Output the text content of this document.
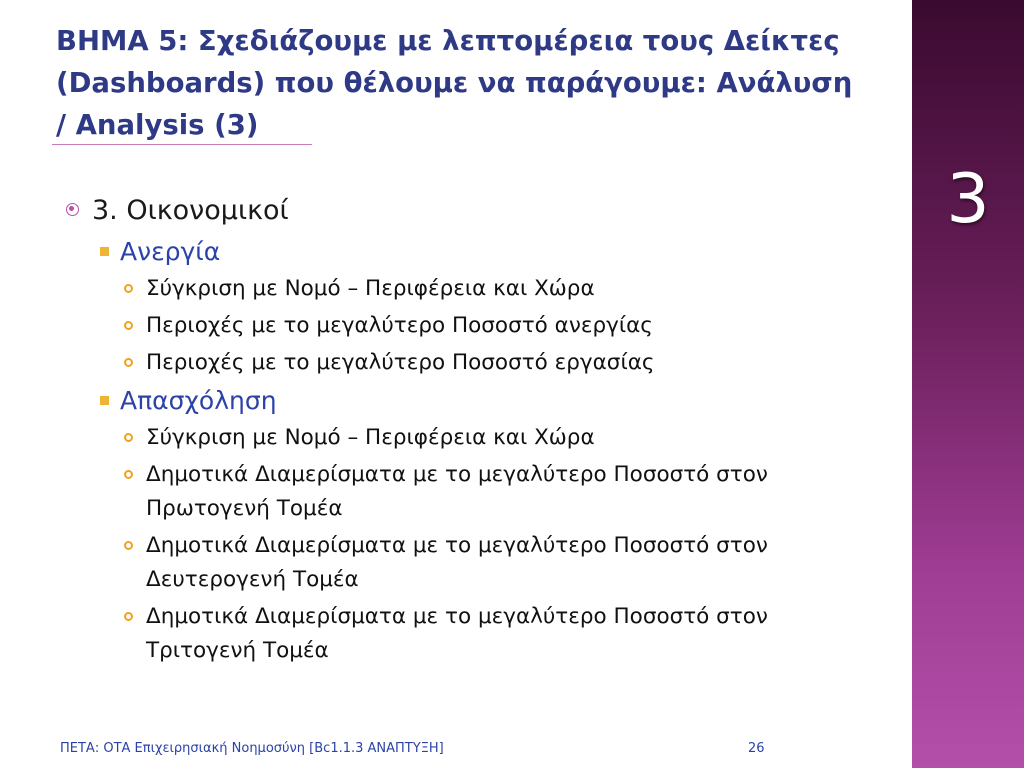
ΒΗΜΑ 5: Σχεδιάζουμε με λεπτομέρεια τους Δείκτες
(Dashboards) που θέλουμε να παράγουμε: Ανάλυση
/ Analysis (3)
3. Οικονομικοί
Ανεργία
Σύγκριση με Νομό – Περιφέρεια και Χώρα
Περιοχές με το μεγαλύτερο Ποσοστό ανεργίας
Περιοχές με το μεγαλύτερο Ποσοστό εργασίας
Απασχόληση
Σύγκριση με Νομό – Περιφέρεια και Χώρα
Δημοτικά Διαμερίσματα με το μεγαλύτερο Ποσοστό στον
Πρωτογενή Τομέα
Δημοτικά Διαμερίσματα με το μεγαλύτερο Ποσοστό στον
Δευτερογενή Τομέα
Δημοτικά Διαμερίσματα με το μεγαλύτερο Ποσοστό στον
Τριτογενή Τομέα
3
ΠΕΤΑ: ΟΤΑ Επιχειρησιακή Νοημοσύνη [Bc1.1.3 ΑΝΑΠΤΥΞΗ]	26
